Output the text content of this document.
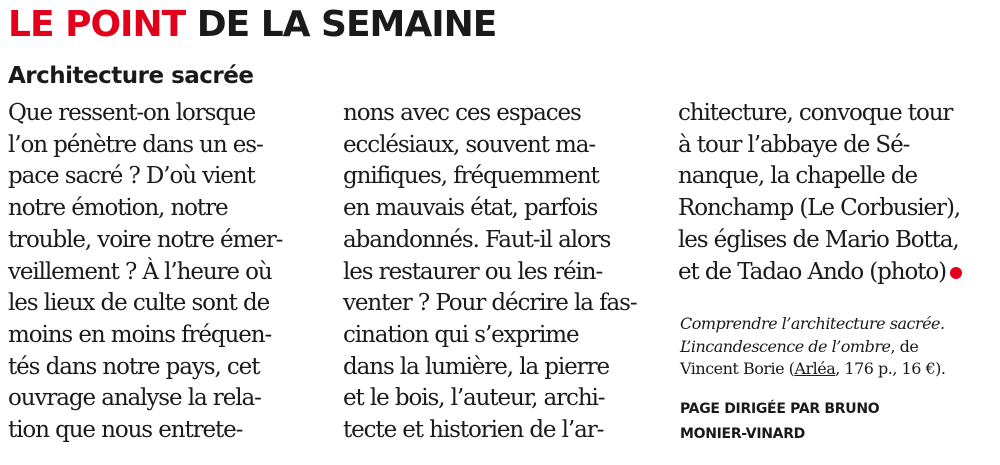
LE POINT DE LA SEMAINE
Architecture sacrée
Que ressent-on lorsque
l’on pénètre dans un es-
pace sacré ? D’où vient
notre émotion, notre
trouble, voire notre émer-
veillement ? À l’heure où
les lieux de culte sont de
moins en moins fréquen-
tés dans notre pays, cet
ouvrage analyse la rela-
tion que nous entrete-
nons avec ces espaces
ecclésiaux, souvent ma-
gnifiques, fréquemment
en mauvais état, parfois
abandonnés. Faut-il alors
les restaurer ou les réin-
venter ? Pour décrire la fas-
cination qui s’exprime
dans la lumière, la pierre
et le bois, l’auteur, archi-
tecte et historien de l’ar-
chitecture, convoque tour
à tour l’abbaye de Sé-
nanque, la chapelle de
Ronchamp (Le Corbusier),
les églises de Mario Botta,
et de Tadao Ando (photo)
Comprendre l’architecture sacrée.
L’incandescence de l’ombre, de
Vincent Borie (Arléa, 176 p., 16 €).
PAGE DIRIGÉE PAR BRUNO
MONIER-VINARD
